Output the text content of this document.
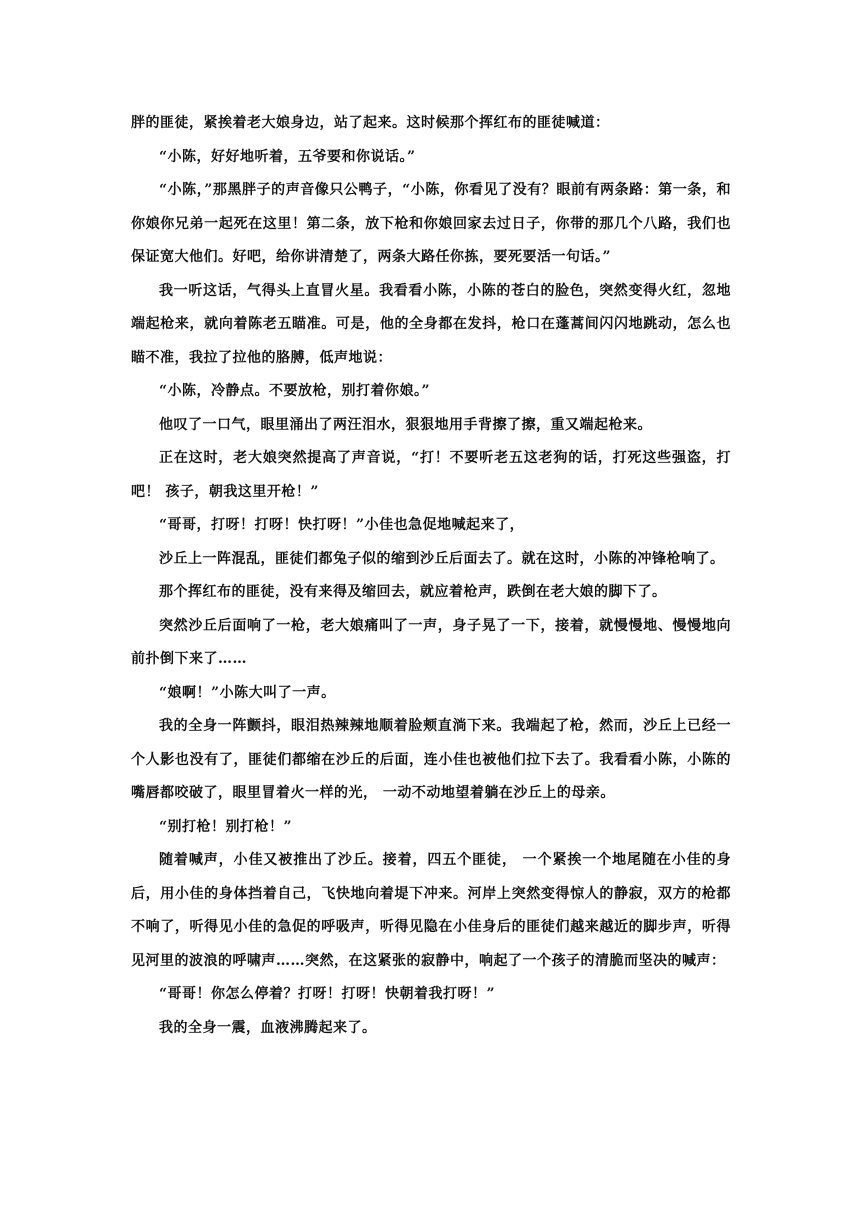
胖的匪徒，紧挨着老大娘身边，站了起来。这时候那个挥红布的匪徒喊道：

“小陈，好好地听着，五爷要和你说话。”

“小陈，”那黑胖子的声音像只公鸭子，“小陈，你看见了没有？眼前有两条路：第一条，和你娘你兄弟一起死在这里！第二条，放下枪和你娘回家去过日子，你带的那几个八路，我们也保证宽大他们。好吧，给你讲清楚了，两条大路任你拣，要死要活一句话。”

我一听这话，气得头上直冒火星。我看看小陈，小陈的苍白的脸色，突然变得火红，忽地端起枪来，就向着陈老五瞄准。可是，他的全身都在发抖，枪口在蓬蒿间闪闪地跳动，怎么也瞄不准，我拉了拉他的胳膊，低声地说：

“小陈，冷静点。不要放枪，别打着你娘。”

他叹了一口气，眼里涌出了两汪泪水，狠狠地用手背擦了擦，重又端起枪来。

正在这时，老大娘突然提高了声音说，“打！不要听老五这老狗的话，打死这些强盗，打吧！ 孩子，朝我这里开枪！”

“哥哥，打呀！打呀！快打呀！”小佳也急促地喊起来了，

沙丘上一阵混乱，匪徒们都兔子似的缩到沙丘后面去了。就在这时，小陈的冲锋枪响了。

那个挥红布的匪徒，没有来得及缩回去，就应着枪声，跌倒在老大娘的脚下了。

突然沙丘后面响了一枪，老大娘痛叫了一声，身子晃了一下，接着，就慢慢地、慢慢地向前扑倒下来了……

“娘啊！”小陈大叫了一声。

我的全身一阵颤抖，眼泪热辣辣地顺着脸颊直淌下来。我端起了枪，然而，沙丘上已经一个人影也没有了，匪徒们都缩在沙丘的后面，连小佳也被他们拉下去了。我看看小陈，小陈的嘴唇都咬破了，眼里冒着火一样的光， 一动不动地望着躺在沙丘上的母亲。

“别打枪！别打枪！”

随着喊声，小佳又被推出了沙丘。接着，四五个匪徒， 一个紧挨一个地尾随在小佳的身后，用小佳的身体挡着自己，飞快地向着堤下冲来。河岸上突然变得惊人的静寂，双方的枪都不响了，听得见小佳的急促的呼吸声，听得见隐在小佳身后的匪徒们越来越近的脚步声，听得见河里的波浪的呼啸声……突然，在这紧张的寂静中，响起了一个孩子的清脆而坚决的喊声：

“哥哥！你怎么停着？打呀！打呀！快朝着我打呀！”

我的全身一震，血液沸腾起来了。
